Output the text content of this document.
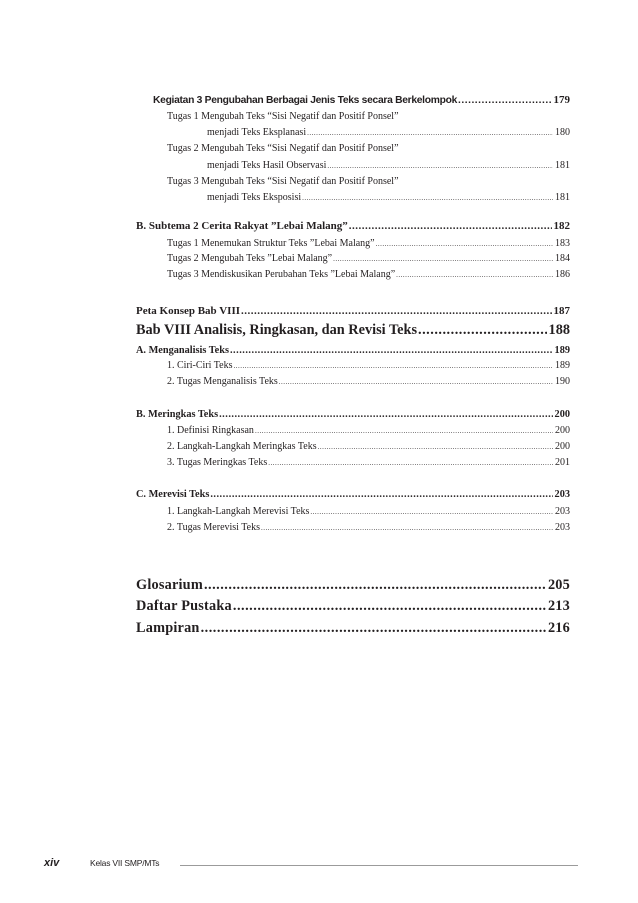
Kegiatan 3 Pengubahan Berbagai Jenis Teks secara Berkelompok .....	179
Tugas 1 Mengubah Teks “Sisi Negatif dan Positif Ponsel”
menjadi Teks Eksplanasi .....	180
Tugas 2 Mengubah Teks “Sisi Negatif dan Positif Ponsel”
menjadi Teks Hasil Observasi .....	181
Tugas 3 Mengubah Teks “Sisi Negatif dan Positif Ponsel”
menjadi Teks Eksposisi .....	181
B. Subtema 2 Cerita Rakyat ”Lebai Malang” .....	182
Tugas 1 Menemukan Struktur Teks ”Lebai Malang” .....	183
Tugas 2 Mengubah Teks ”Lebai Malang” .....	184
Tugas 3 Mendiskusikan Perubahan Teks ”Lebai Malang” .....	186
Peta Konsep Bab VIII .....	187
Bab VIII Analisis, Ringkasan, dan Revisi Teks .....	188
A. Menganalisis Teks .....	189
1. Ciri-Ciri Teks .....	189
2. Tugas Menganalisis Teks .....	190
B. Meringkas Teks .....	200
1. Definisi Ringkasan .....	200
2. Langkah-Langkah Meringkas Teks .....	200
3. Tugas Meringkas Teks .....	201
C. Merevisi Teks .....	203
1. Langkah-Langkah Merevisi Teks .....	203
2. Tugas Merevisi Teks .....	203
Glosarium .....	205
Daftar Pustaka .....	213
Lampiran .....	216
xiv	Kelas VII SMP/MTs
